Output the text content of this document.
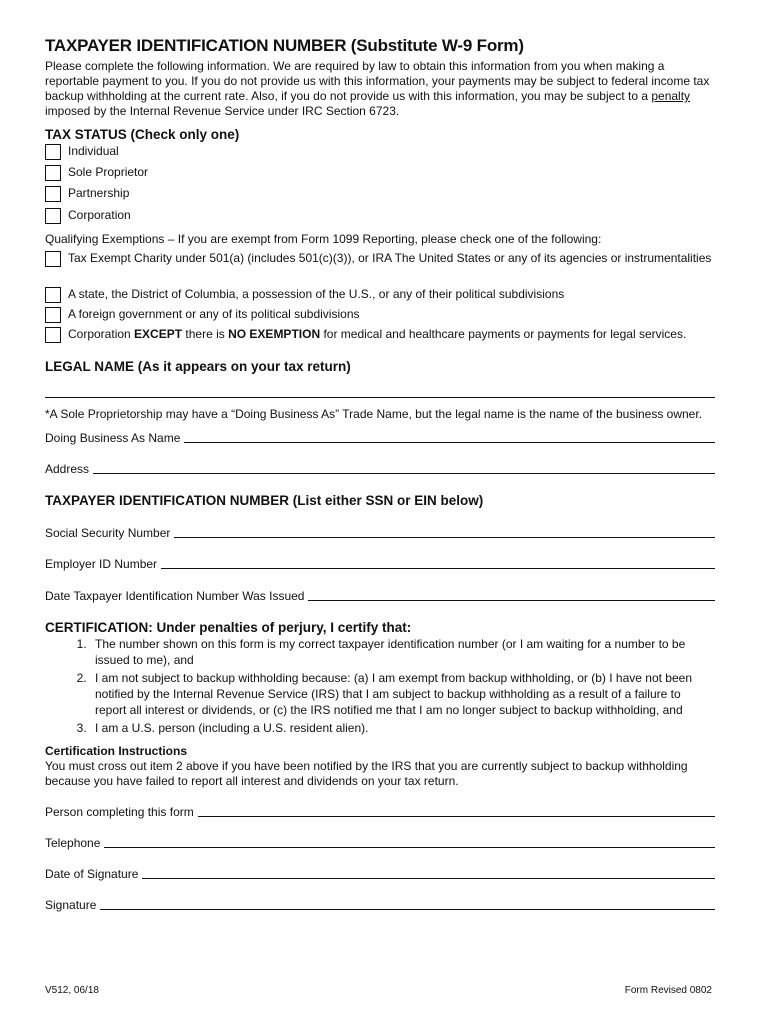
TAXPAYER IDENTIFICATION NUMBER (Substitute W-9 Form)

Please complete the following information. We are required by law to obtain this information from you when making a reportable payment to you. If you do not provide us with this information, your payments may be subject to federal income tax backup withholding at the current rate. Also, if you do not provide us with this information, you may be subject to a penalty imposed by the Internal Revenue Service under IRC Section 6723.

TAX STATUS (Check only one)
Individual
Sole Proprietor
Partnership
Corporation
Qualifying Exemptions – If you are exempt from Form 1099 Reporting, please check one of the following:
Tax Exempt Charity under 501(a) (includes 501(c)(3)), or IRA The United States or any of its agencies or instrumentalities
A state, the District of Columbia, a possession of the U.S., or any of their political subdivisions
A foreign government or any of its political subdivisions
Corporation EXCEPT there is NO EXEMPTION for medical and healthcare payments or payments for legal services.
LEGAL NAME (As it appears on your tax return)
*A Sole Proprietorship may have a “Doing Business As” Trade Name, but the legal name is the name of the business owner.
Doing Business As Name
Address
TAXPAYER IDENTIFICATION NUMBER (List either SSN or EIN below)
Social Security Number
Employer ID Number
Date Taxpayer Identification Number Was Issued
CERTIFICATION: Under penalties of perjury, I certify that:
1. The number shown on this form is my correct taxpayer identification number (or I am waiting for a number to be issued to me), and
2. I am not subject to backup withholding because: (a) I am exempt from backup withholding, or (b) I have not been notified by the Internal Revenue Service (IRS) that I am subject to backup withholding as a result of a failure to report all interest or dividends, or (c) the IRS notified me that I am no longer subject to backup withholding, and
3. I am a U.S. person (including a U.S. resident alien).
Certification Instructions
You must cross out item 2 above if you have been notified by the IRS that you are currently subject to backup withholding because you have failed to report all interest and dividends on your tax return.
Person completing this form
Telephone
Date of Signature
Signature
V512, 06/18	Form Revised 0802
